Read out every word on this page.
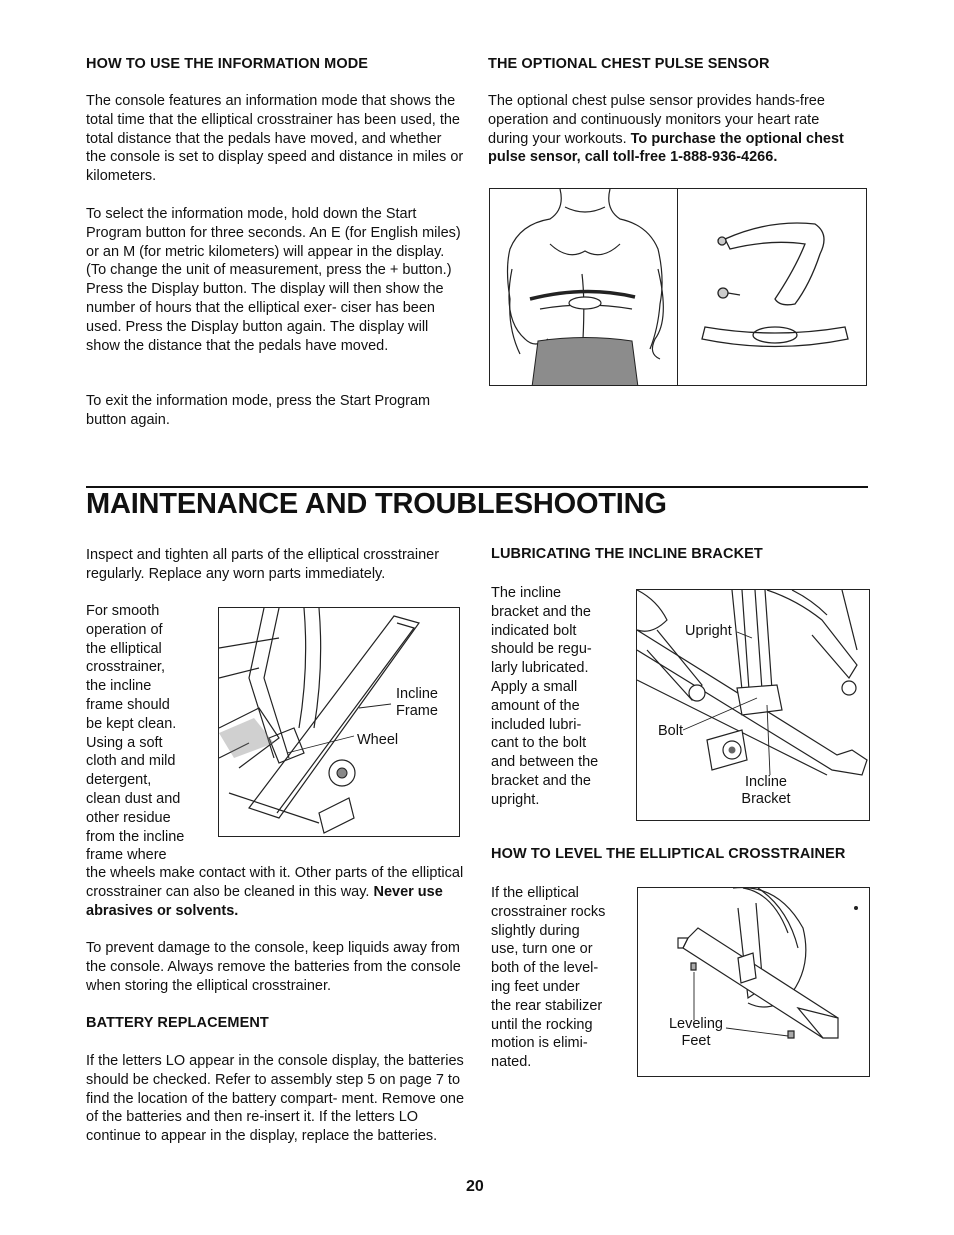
HOW TO USE THE INFORMATION MODE

The console features an information mode that shows the total time that the elliptical crosstrainer has been used, the total distance that the pedals have moved, and whether the console is set to display speed and distance in miles or kilometers.

To select the information mode, hold down the Start Program button for three seconds. An E (for English miles) or an M (for metric kilometers) will appear in the display. (To change the unit of measurement, press the + button.) Press the Display button. The display will then show the number of hours that the elliptical exer- ciser has been used. Press the Display button again. The display will show the distance that the pedals have moved.

To exit the information mode, press the Start Program button again.

THE OPTIONAL CHEST PULSE SENSOR

The optional chest pulse sensor provides hands-free operation and continuously monitors your heart rate during your workouts. To purchase the optional chest pulse sensor, call toll-free 1-888-936-4266.

MAINTENANCE AND TROUBLESHOOTING

Inspect and tighten all parts of the elliptical crosstrainer regularly. Replace any worn parts immediately.

For smooth
operation of
the elliptical
crosstrainer,
the incline
frame should
be kept clean.
Using a soft
cloth and mild
detergent,
clean dust and
other residue
from the incline
frame where

the wheels make contact with it. Other parts of the elliptical crosstrainer can also be cleaned in this way. Never use abrasives or solvents.

Incline
Frame
Wheel

To prevent damage to the console, keep liquids away from the console. Always remove the batteries from the console when storing the elliptical crosstrainer.

BATTERY REPLACEMENT

If the letters LO appear in the console display, the batteries should be checked. Refer to assembly step 5 on page 7 to find the location of the battery compart- ment. Remove one of the batteries and then re-insert it. If the letters LO continue to appear in the display, replace the batteries.

LUBRICATING THE INCLINE BRACKET
The incline
bracket and the
indicated bolt
should be regu-
larly lubricated.
Apply a small
amount of the
included lubri-
cant to the bolt
and between the
bracket and the
upright.
Upright
Bolt
Incline
Bracket
HOW TO LEVEL THE ELLIPTICAL CROSSTRAINER
If the elliptical
crosstrainer rocks
slightly during
use, turn one or
both of the level-
ing feet under
the rear stabilizer
until the rocking
motion is elimi-
nated.
Leveling
Feet
20
